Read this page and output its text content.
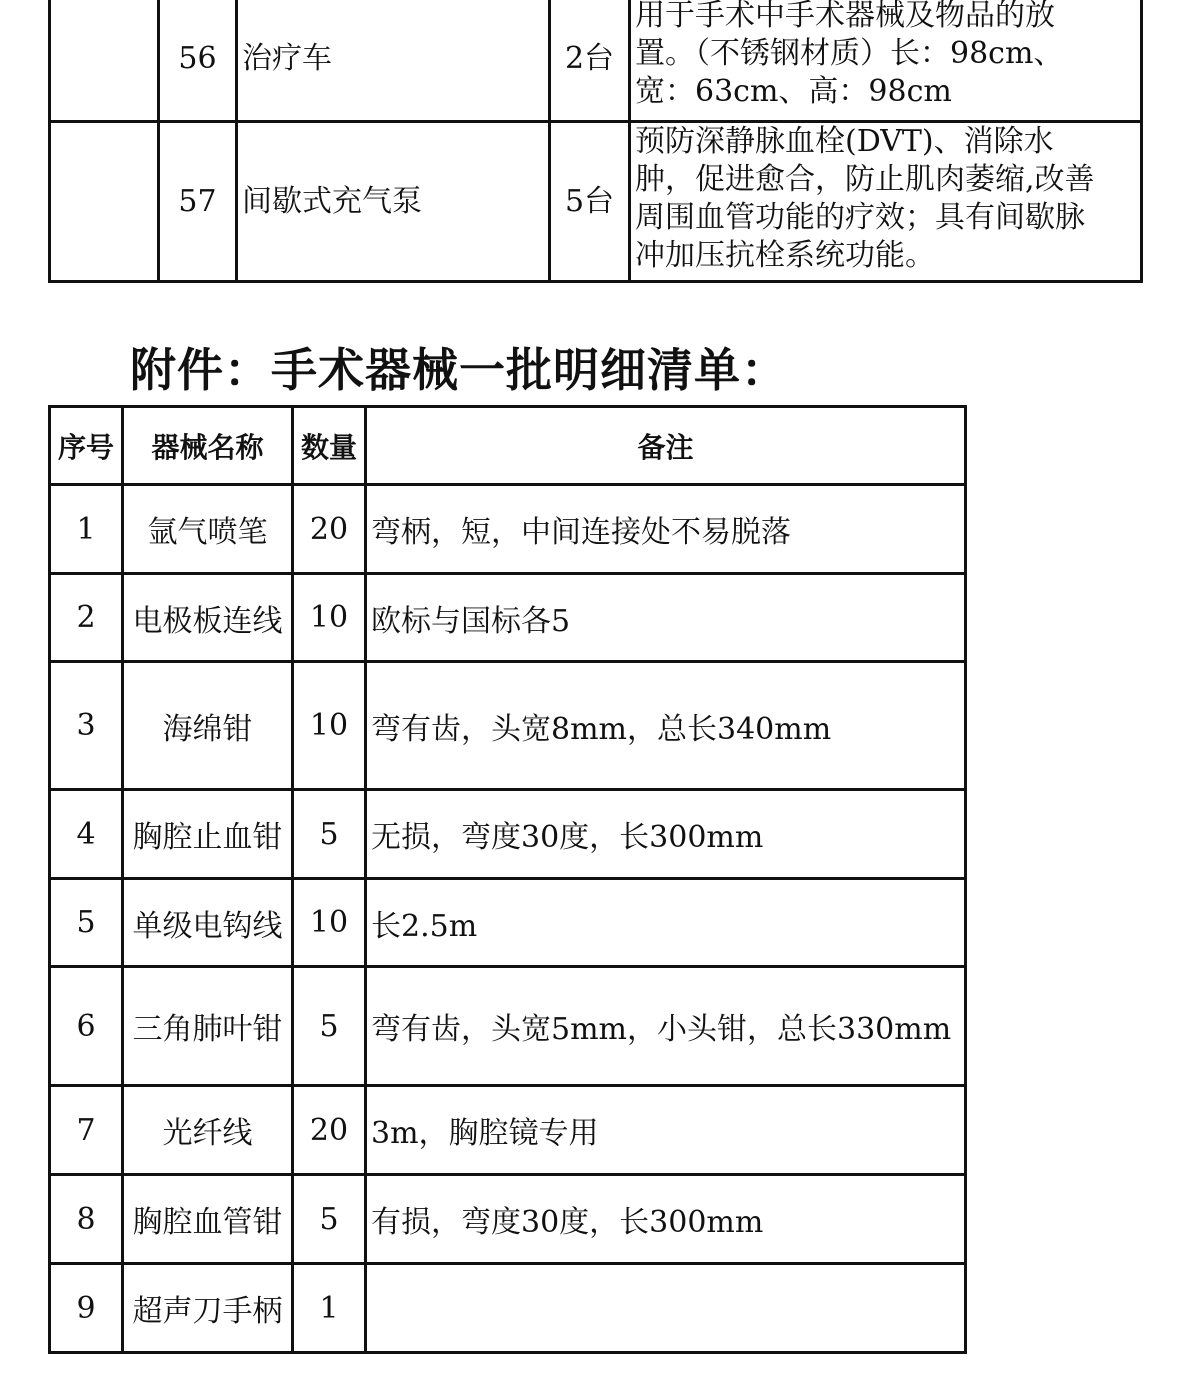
	56	治疗车	2台	用于手术中手术器械及物品的放
置。（不锈钢材质）长：98cm、
宽：63cm、高：98cm

	57	间歇式充气泵	5台	预防深静脉血栓(DVT)、消除水
肿，促进愈合，防止肌肉萎缩,改善
周围血管功能的疗效；具有间歇脉
冲加压抗栓系统功能。
附件：手术器械一批明细清单：
序号	器械名称	数量	备注
1	氩气喷笔	20	弯柄，短，中间连接处不易脱落
2	电极板连线	10	欧标与国标各5
3	海绵钳	10	弯有齿，头宽8mm，总长340mm
4	胸腔止血钳	5	无损，弯度30度，长300mm
5	单级电钩线	10	长2.5m
6	三角肺叶钳	5	弯有齿，头宽5mm，小头钳，总长330mm
7	光纤线	20	3m，胸腔镜专用
8	胸腔血管钳	5	有损，弯度30度，长300mm
9	超声刀手柄	1	
